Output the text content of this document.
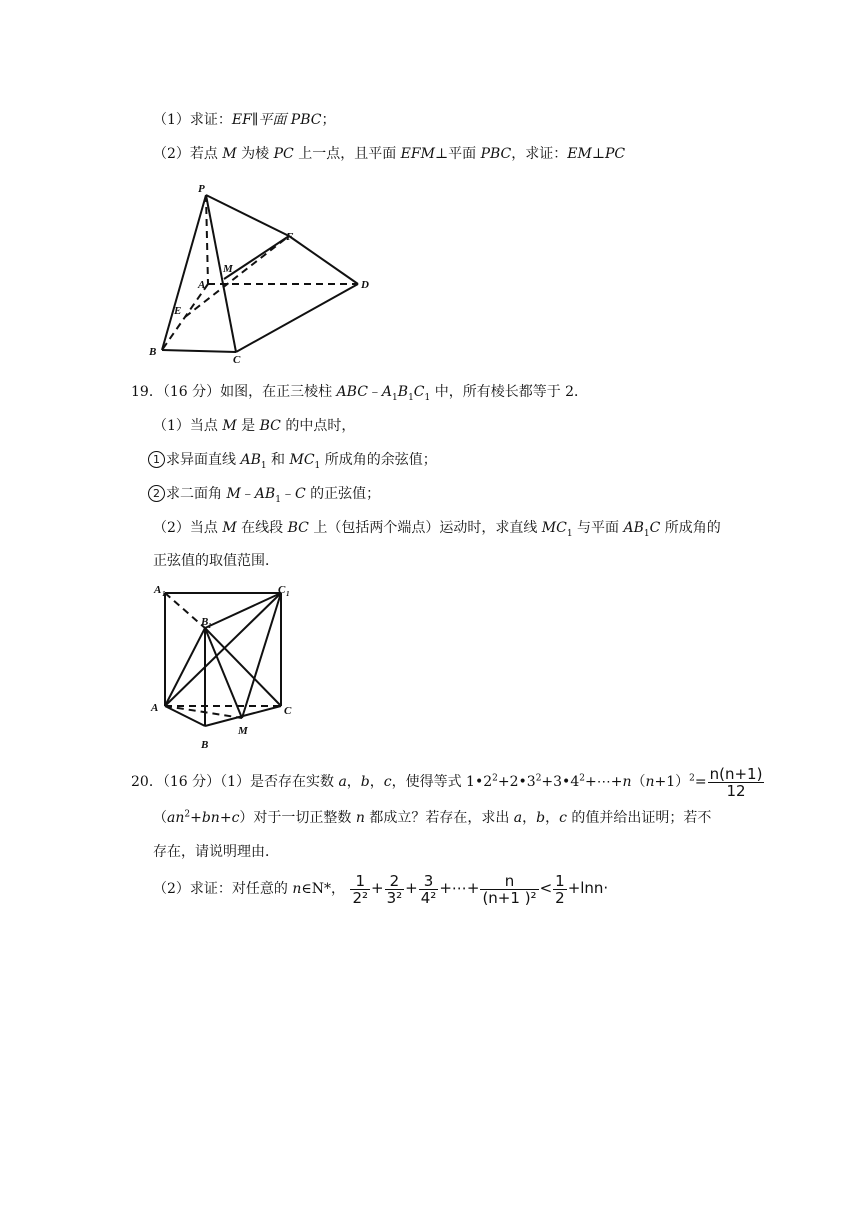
（1）求证：EF∥平面 PBC；
（2）若点 M 为棱 PC 上一点，且平面 EFM⊥平面 PBC，求证：EM⊥PC
P
F
M
A	D
E
B
C
19．（16 分）如图，在正三棱柱 $ABC﹣A_1B_1C_1$ 中，所有棱长都等于 2．
（1）当点 M 是 BC 的中点时，
1 求异面直线 $AB_1$ 和 $MC_1$ 所成角的余弦值；
2 求二面角 $M﹣AB_1﹣C$ 的正弦值；
（2）当点 M 在线段 BC 上（包括两个端点）运动时，求直线 $MC_1$ 与平面 $AB_1C$ 所成角的
正弦值的取值范围．
A 1	C 1
B 1
A	C
M
B
20．（16 分）（1）是否存在实数 a，b，c，使得等式 $1•2^2+2•3^2+3•4^2+\cdots+n(n+1)^2= \frac{n(n+1)}{12}$
$(an^2+bn+c)$对于一切正整数 n 都成立？若存在，求出 a，b，c 的值并给出证明；若不
存在，请说明理由．
（2）求证：对任意的 n∈N*， $\frac{1}{\text{2²}} + \frac{2}{\text{3²}} + \frac{3}{\text{4²}}$ +⋯+ $\frac{n}{\text{(n+1 )²}} < \frac{1}{2} +\ln n\cdot$
